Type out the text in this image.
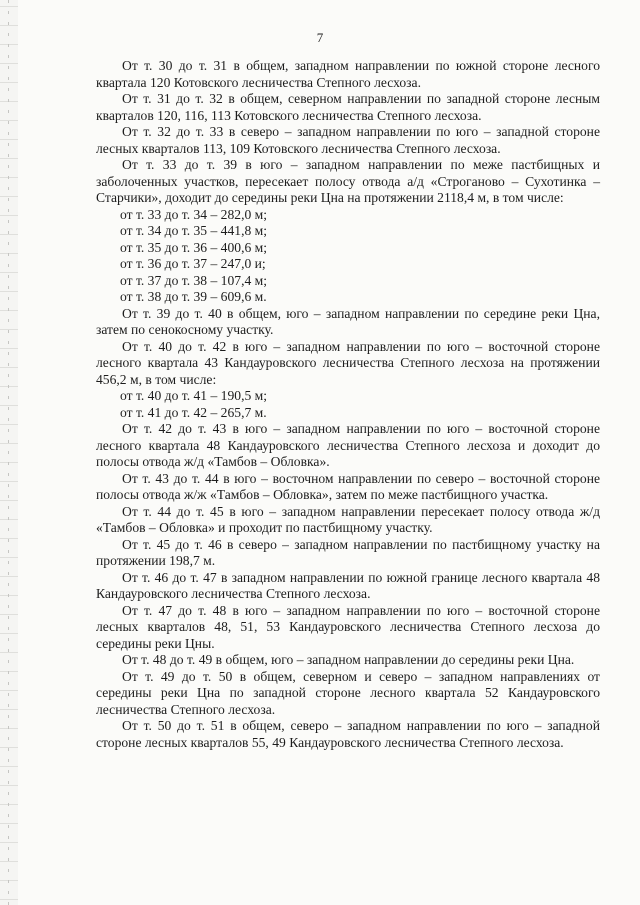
7

От т. 30 до т. 31 в общем, западном направлении по южной стороне лесного квартала 120 Котовского лесничества Степного лесхоза.

От т. 31 до т. 32 в общем, северном направлении по западной стороне лесным кварталов 120, 116, 113 Котовского лесничества Степного лесхоза.

От т. 32 до т. 33 в северо – западном направлении по юго – западной стороне лесных кварталов 113, 109 Котовского лесничества Степного лесхоза.

От т. 33 до т. 39 в юго – западном направлении по меже пастбищных и заболоченных участков, пересекает полосу отвода а/д «Строганово – Сухотинка – Старчики», доходит до середины реки Цна на протяжении 2118,4 м, в том числе:

от т. 33 до т. 34 – 282,0 м;

от т. 34 до т. 35 – 441,8 м;

от т. 35 до т. 36 – 400,6 м;

от т. 36 до т. 37 – 247,0 и;

от т. 37 до т. 38 – 107,4 м;

от т. 38 до т. 39 – 609,6 м.

От т. 39 до т. 40 в общем, юго – западном направлении по середине реки Цна, затем по сенокосному участку.

От т. 40 до т. 42 в юго – западном направлении по юго – восточной стороне лесного квартала 43 Кандауровского лесничества Степного лесхоза на протяжении 456,2 м, в том числе:

от т. 40 до т. 41 – 190,5 м;

от т. 41 до т. 42 – 265,7 м.

От т. 42 до т. 43 в юго – западном направлении по юго – восточной стороне лесного квартала 48 Кандауровского лесничества Степного лесхоза и доходит до полосы отвода ж/д «Тамбов – Обловка».

От т. 43 до т. 44 в юго – восточном направлении по северо – восточной стороне полосы отвода ж/ж «Тамбов – Обловка», затем по меже пастбищного участка.

От т. 44 до т. 45 в юго – западном направлении пересекает полосу отвода ж/д «Тамбов – Обловка» и проходит по пастбищному участку.

От т. 45 до т. 46 в северо – западном направлении по пастбищному участку на протяжении 198,7 м.

От т. 46 до т. 47 в западном направлении по южной границе лесного квартала 48 Кандауровского лесничества Степного лесхоза.

От т. 47 до т. 48 в юго – западном направлении по юго – восточной стороне лесных кварталов 48, 51, 53 Кандауровского лесничества Степного лесхоза до середины реки Цны.

От т. 48 до т. 49 в общем, юго – западном направлении до середины реки Цна.

От т. 49 до т. 50 в общем, северном и северо – западном направлениях от середины реки Цна по западной стороне лесного квартала 52 Кандауровского лесничества Степного лесхоза.

От т. 50 до т. 51 в общем, северо – западном направлении по юго – западной стороне лесных кварталов 55, 49 Кандауровского лесничества Степного лесхоза.
